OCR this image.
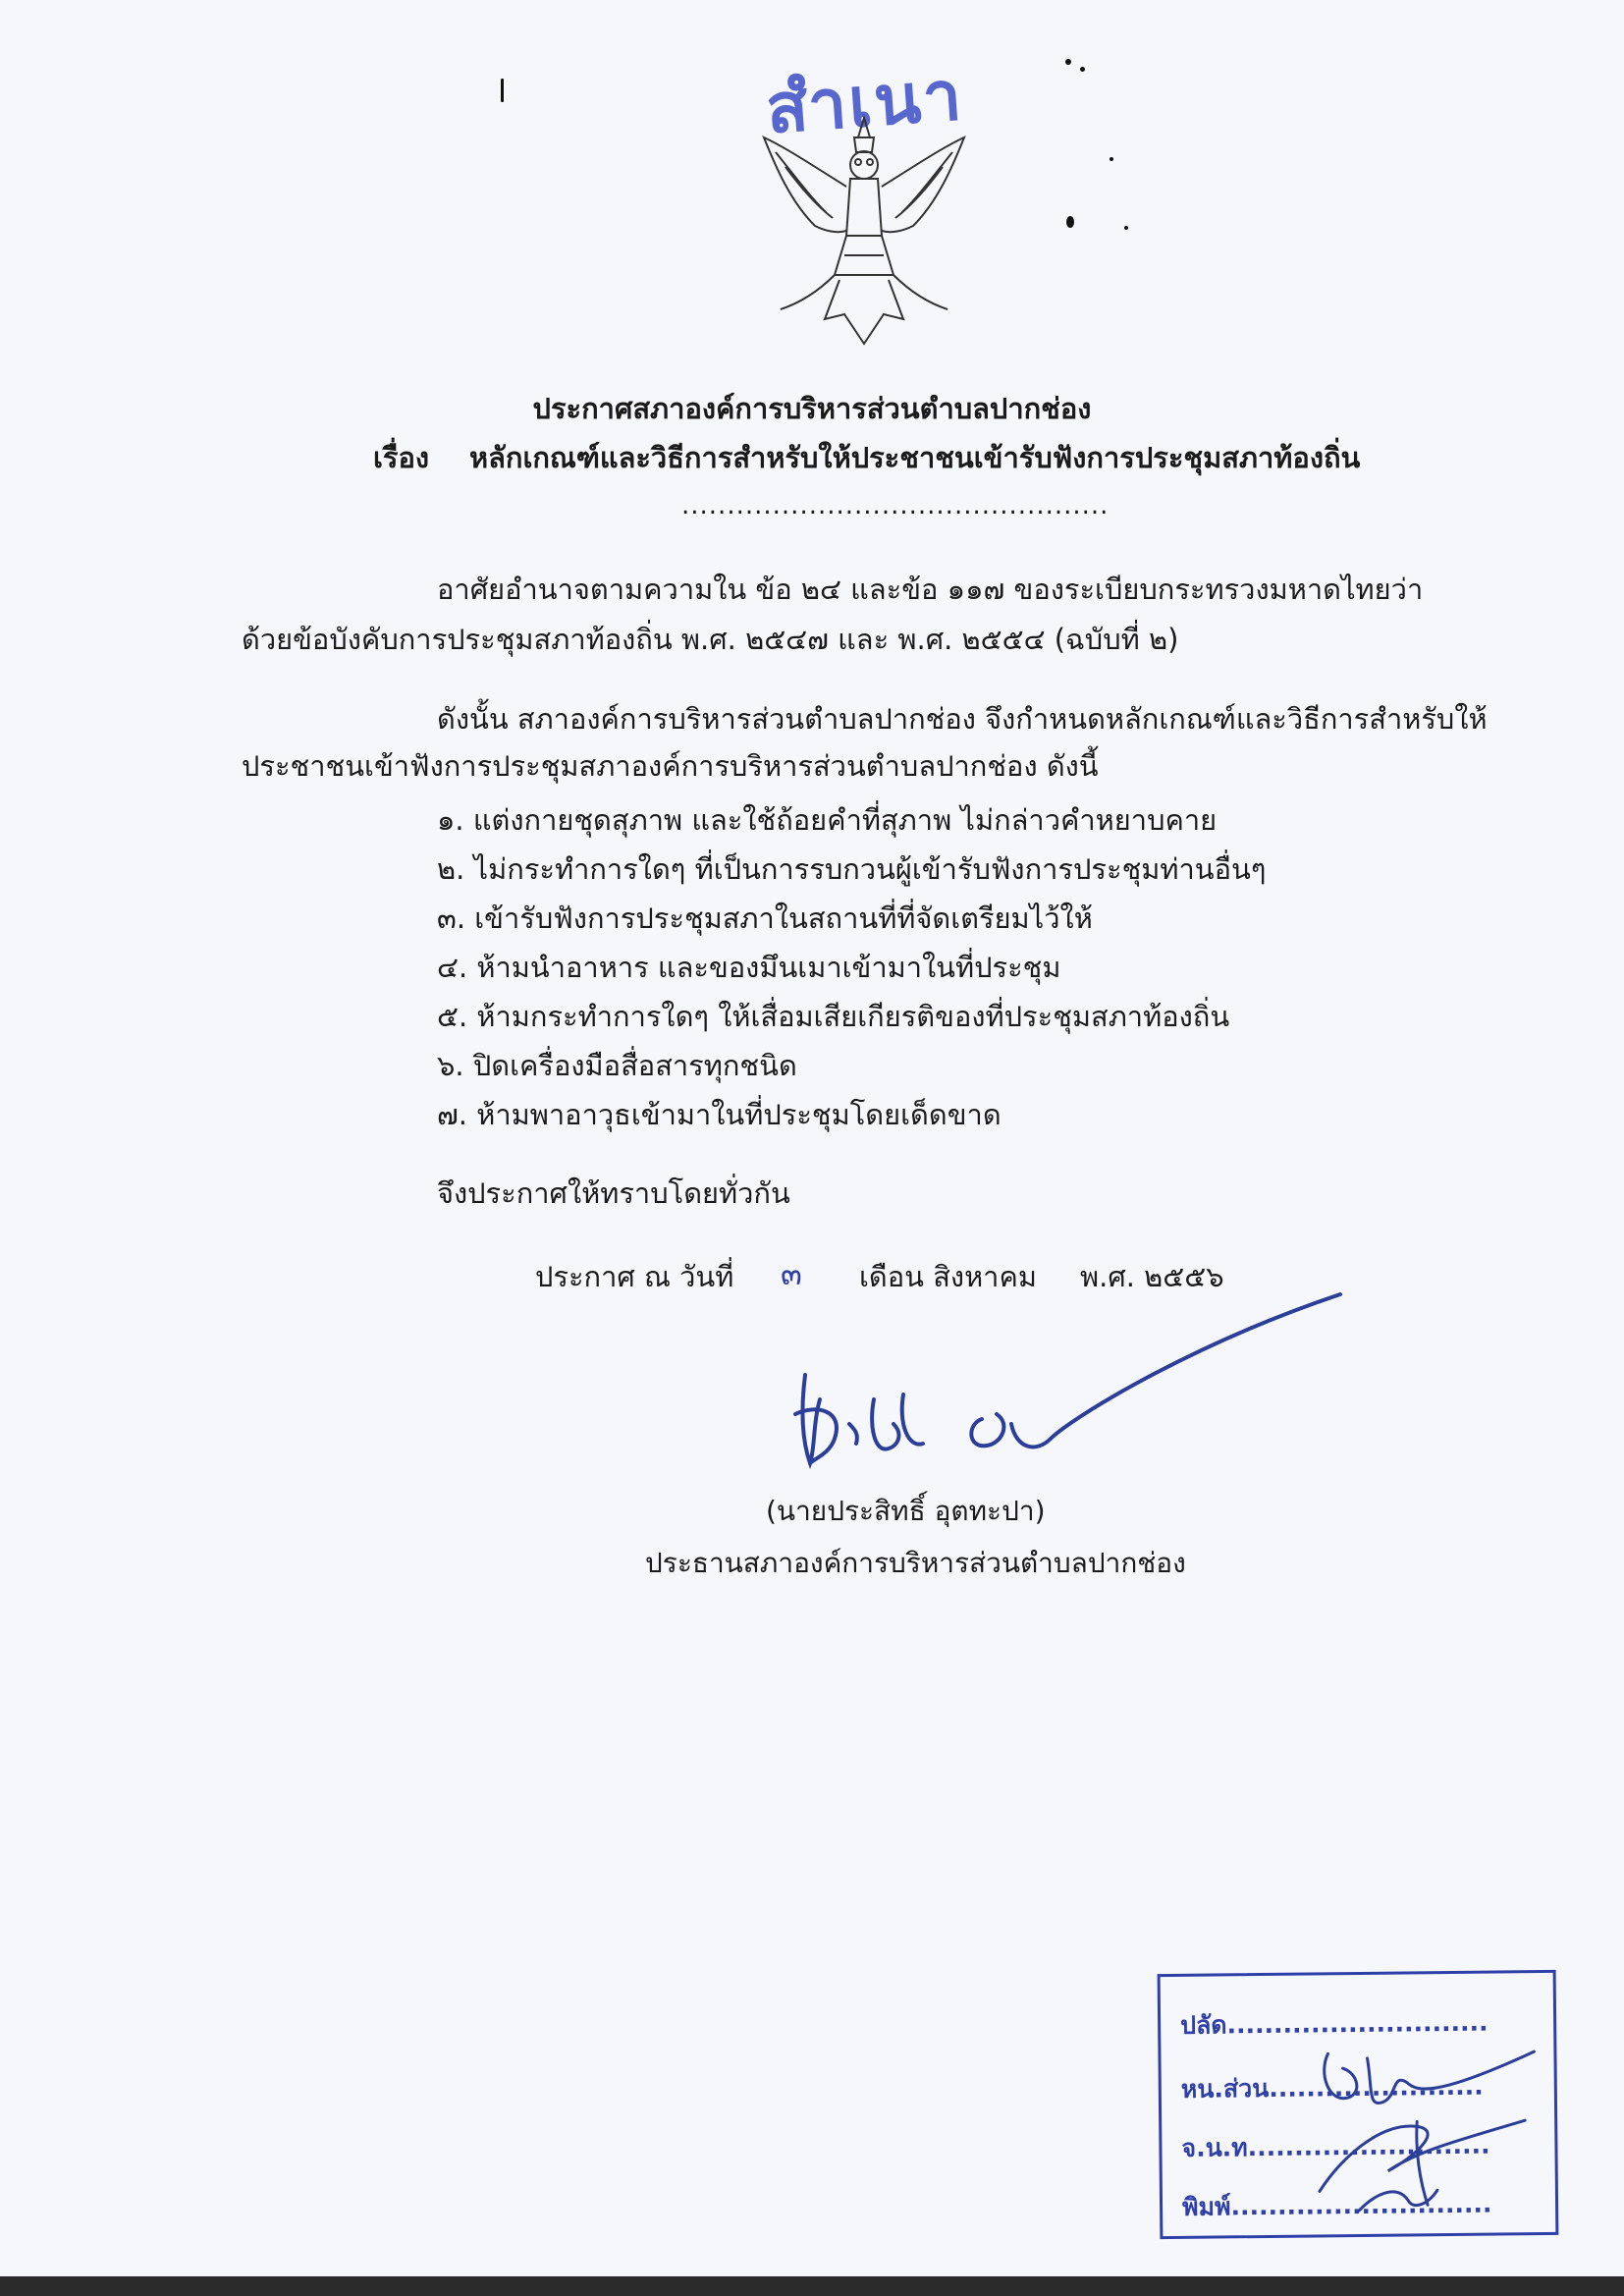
สำเนา
ประกาศสภาองค์การบริหารส่วนตำบลปากช่อง
เรื่อง หลักเกณฑ์และวิธีการสำหรับให้ประชาชนเข้ารับฟังการประชุมสภาท้องถิ่น
...............................................
อาศัยอำนาจตามความใน ข้อ ๒๔ และข้อ ๑๑๗ ของระเบียบกระทรวงมหาดไทยว่า
ด้วยข้อบังคับการประชุมสภาท้องถิ่น พ.ศ. ๒๕๔๗ และ พ.ศ. ๒๕๕๔ (ฉบับที่ ๒)
ดังนั้น สภาองค์การบริหารส่วนตำบลปากช่อง จึงกำหนดหลักเกณฑ์และวิธีการสำหรับให้
ประชาชนเข้าฟังการประชุมสภาองค์การบริหารส่วนตำบลปากช่อง ดังนี้
๑. แต่งกายชุดสุภาพ และใช้ถ้อยคำที่สุภาพ ไม่กล่าวคำหยาบคาย
๒. ไม่กระทำการใดๆ ที่เป็นการรบกวนผู้เข้ารับฟังการประชุมท่านอื่นๆ
๓. เข้ารับฟังการประชุมสภาในสถานที่ที่จัดเตรียมไว้ให้
๔. ห้ามนำอาหาร และของมึนเมาเข้ามาในที่ประชุม
๕. ห้ามกระทำการใดๆ ให้เสื่อมเสียเกียรติของที่ประชุมสภาท้องถิ่น
๖. ปิดเครื่องมือสื่อสารทุกชนิด
๗. ห้ามพาอาวุธเข้ามาในที่ประชุมโดยเด็ดขาด
จึงประกาศให้ทราบโดยทั่วกัน
ประกาศ ณ วันที่ ๓ เดือน สิงหาคม พ.ศ. ๒๕๕๖
(นายประสิทธิ์ อุตทะปา)
ประธานสภาองค์การบริหารส่วนตำบลปากช่อง
ปลัด............................
หน.ส่วน.......................
จ.น.ท..........................
พิมพ์............................
